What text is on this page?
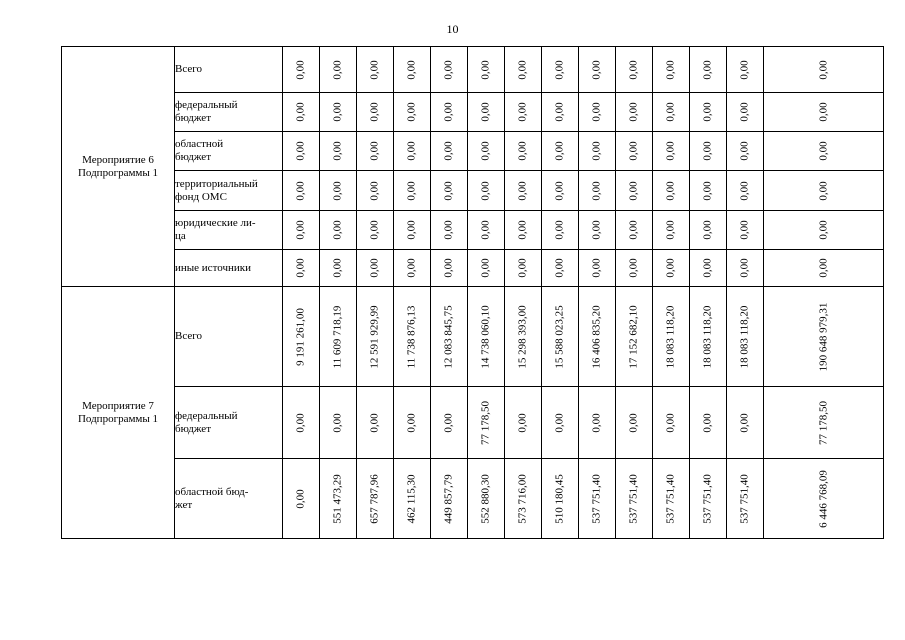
10
Мероприятие 6
Подпрограммы 1	Всего	0,00	0,00	0,00	0,00	0,00	0,00	0,00	0,00	0,00	0,00	0,00	0,00	0,00	0,00

	федеральный
бюджет	0,00	0,00	0,00	0,00	0,00	0,00	0,00	0,00	0,00	0,00	0,00	0,00	0,00	0,00

	областной
бюджет	0,00	0,00	0,00	0,00	0,00	0,00	0,00	0,00	0,00	0,00	0,00	0,00	0,00	0,00

	территориальный
фонд ОМС	0,00	0,00	0,00	0,00	0,00	0,00	0,00	0,00	0,00	0,00	0,00	0,00	0,00	0,00

	юридические ли-
ца	0,00	0,00	0,00	0,00	0,00	0,00	0,00	0,00	0,00	0,00	0,00	0,00	0,00	0,00

	иные источники	0,00	0,00	0,00	0,00	0,00	0,00	0,00	0,00	0,00	0,00	0,00	0,00	0,00	0,00

Мероприятие 7
Подпрограммы 1	Всего	9 191 261,00	11 609 718,19	12 591 929,99	11 738 876,13	12 083 845,75	14 738 060,10	15 298 393,00	15 588 023,25	16 406 835,20	17 152 682,10	18 083 118,20	18 083 118,20	18 083 118,20	190 648 979,31

	федеральный
бюджет	0,00	0,00	0,00	0,00	0,00	77 178,50	0,00	0,00	0,00	0,00	0,00	0,00	0,00	77 178,50

	областной бюд-
жет	0,00	551 473,29	657 787,96	462 115,30	449 857,79	552 880,30	573 716,00	510 180,45	537 751,40	537 751,40	537 751,40	537 751,40	537 751,40	6 446 768,09
